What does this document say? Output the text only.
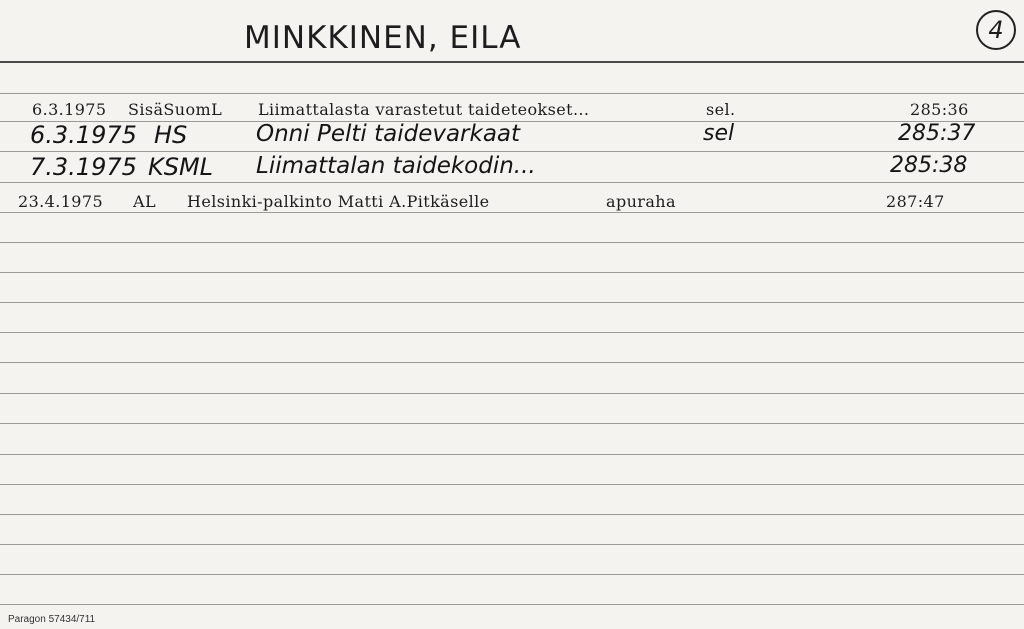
MINKKINEN, EILA	4
6.3.1975 SisäSuomL Liimattalasta varastetut taideteokset...	sel.	285:36
6.3.1975 HS	Onni Pelti taidevarkaat	sel	285:37
7.3.1975 KSML Liimattalan taidekodin...	285:38
23.4.1975 AL Helsinki-palkinto Matti A.Pitkäselle	apuraha	287:47
Paragon 57434/711
